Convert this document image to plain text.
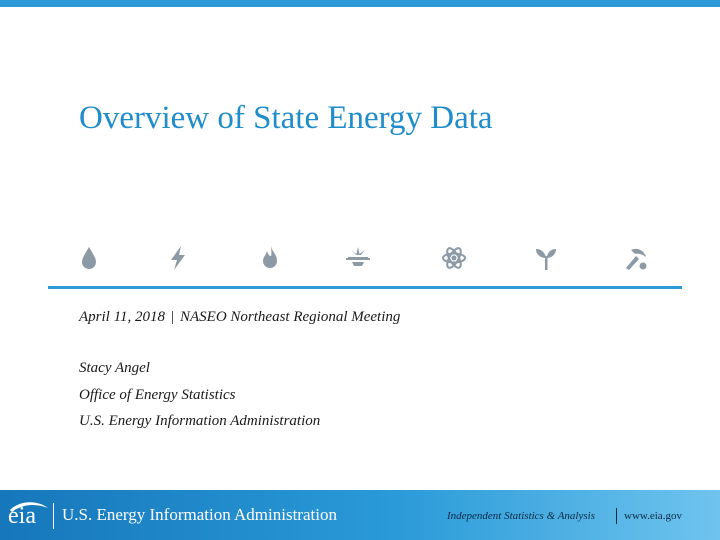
Overview of State Energy Data
April 11, 2018 | NASEO Northeast Regional Meeting
Stacy Angel
Office of Energy Statistics
U.S. Energy Information Administration
eia U.S. Energy Information Administration	Independent Statistics & Analysis	www.eia.gov
